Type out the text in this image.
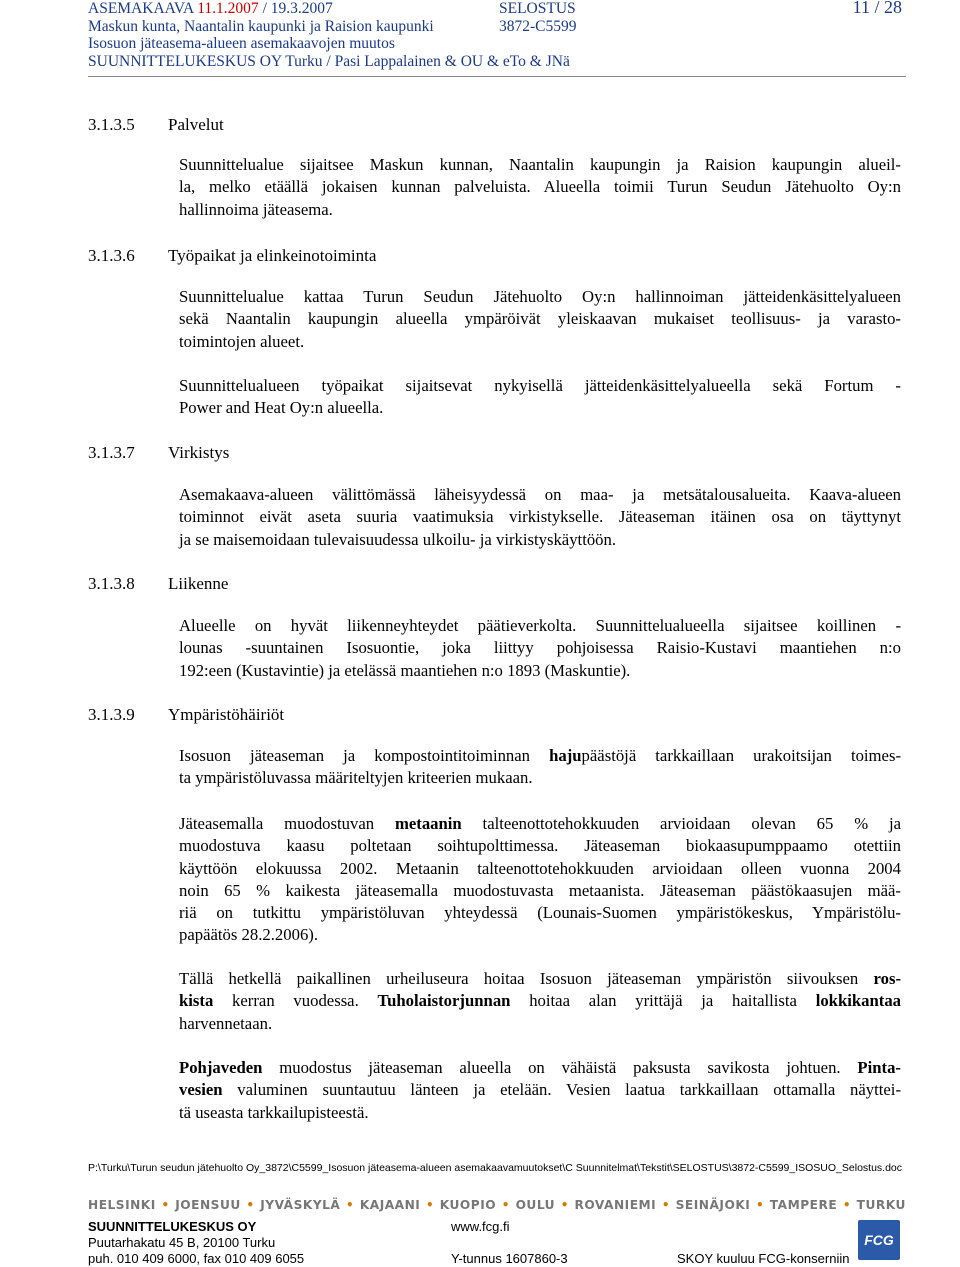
ASEMAKAAVA 11.1.2007 / 19.3.2007	SELOSTUS	11 / 28
Maskun kunta, Naantalin kaupunki ja Raision kaupunki	3872-C5599
Isosuon jäteasema-alueen asemakaavojen muutos
SUUNNITTELUKESKUS OY Turku / Pasi Lappalainen & OU & eTo & JNä
3.1.3.5 Palvelut
Suunnittelualue sijaitsee Maskun kunnan, Naantalin kaupungin ja Raision kaupungin alueil-
la, melko etäällä jokaisen kunnan palveluista. Alueella toimii Turun Seudun Jätehuolto Oy:n
hallinnoima jäteasema.
3.1.3.6 Työpaikat ja elinkeinotoiminta
Suunnittelualue kattaa Turun Seudun Jätehuolto Oy:n hallinnoiman jätteidenkäsittelyalueen
sekä Naantalin kaupungin alueella ympäröivät yleiskaavan mukaiset teollisuus- ja varasto-
toimintojen alueet.
Suunnittelualueen työpaikat sijaitsevat nykyisellä jätteidenkäsittelyalueella sekä Fortum -
Power and Heat Oy:n alueella.
3.1.3.7 Virkistys
Asemakaava-alueen välittömässä läheisyydessä on maa- ja metsätalousalueita. Kaava-alueen
toiminnot eivät aseta suuria vaatimuksia virkistykselle. Jäteaseman itäinen osa on täyttynyt
ja se maisemoidaan tulevaisuudessa ulkoilu- ja virkistyskäyttöön.
3.1.3.8 Liikenne
Alueelle on hyvät liikenneyhteydet päätieverkolta. Suunnittelualueella sijaitsee koillinen -
lounas -suuntainen Isosuontie, joka liittyy pohjoisessa Raisio-Kustavi maantiehen n:o
192:een (Kustavintie) ja etelässä maantiehen n:o 1893 (Maskuntie).
3.1.3.9 Ympäristöhäiriöt
Isosuon jäteaseman ja kompostointitoiminnan hajupäästöjä tarkkaillaan urakoitsijan toimes-
ta ympäristöluvassa määriteltyjen kriteerien mukaan.
Jäteasemalla muodostuvan metaanin talteenottotehokkuuden arvioidaan olevan 65 % ja
muodostuva kaasu poltetaan soihtupolttimessa. Jäteaseman biokaasupumppaamo otettiin
käyttöön elokuussa 2002. Metaanin talteenottotehokkuuden arvioidaan olleen vuonna 2004
noin 65 % kaikesta jäteasemalla muodostuvasta metaanista. Jäteaseman päästökaasujen mää-
riä on tutkittu ympäristöluvan yhteydessä (Lounais-Suomen ympäristökeskus, Ympäristölu-
papäätös 28.2.2006).
Tällä hetkellä paikallinen urheiluseura hoitaa Isosuon jäteaseman ympäristön siivouksen ros-
kista kerran vuodessa. Tuholaistorjunnan hoitaa alan yrittäjä ja haitallista lokkikantaa
harvennetaan.
Pohjaveden muodostus jäteaseman alueella on vähäistä paksusta savikosta johtuen. Pinta-
vesien valuminen suuntautuu länteen ja etelään. Vesien laatua tarkkaillaan ottamalla näyttei-
tä useasta tarkkailupisteestä.
P:\Turku\Turun seudun jätehuolto Oy_3872\C5599_Isosuon jäteasema-alueen asemakaavamuutokset\C Suunnitelmat\Tekstit\SELOSTUS\3872-C5599_ISOSUO_Selostus.doc
HELSINKI • JOENSUU • JYVÄSKYLÄ • KAJAANI • KUOPIO • OULU • ROVANIEMI • SEINÄJOKI • TAMPERE • TURKU
SUUNNITTELUKESKUS OY
Puutarhakatu 45 B, 20100 Turku
puh. 010 409 6000, fax 010 409 6055
www.fcg.fi
Y-tunnus 1607860-3	SKOY kuuluu FCG-konserniin
FCG
